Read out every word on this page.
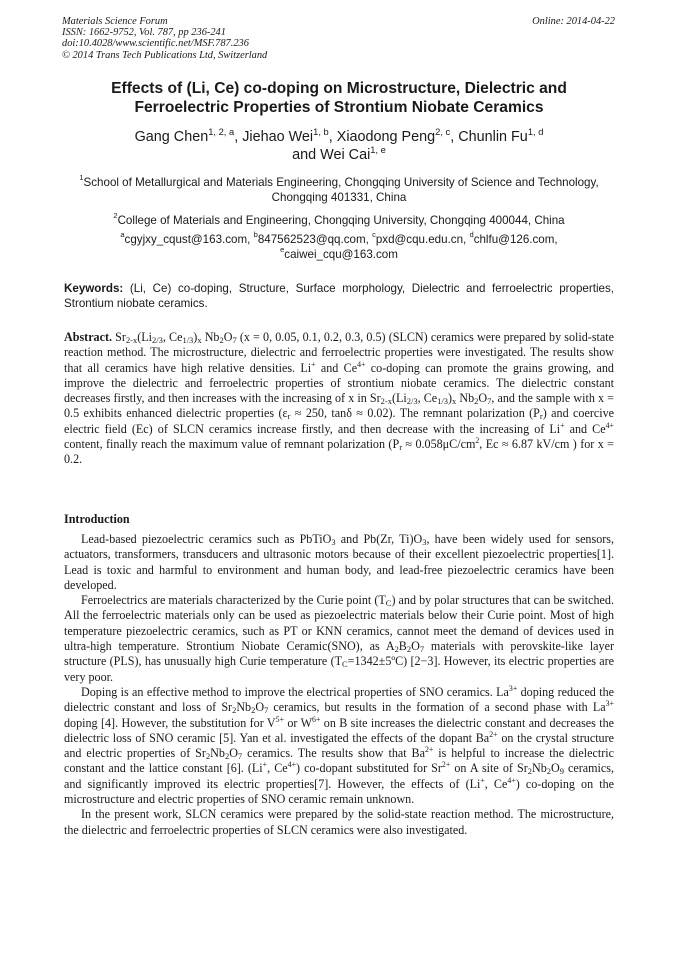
Materials Science Forum
ISSN: 1662-9752, Vol. 787, pp 236-241
doi:10.4028/www.scientific.net/MSF.787.236
© 2014 Trans Tech Publications Ltd, Switzerland
Online: 2014-04-22
Effects of (Li, Ce) co-doping on Microstructure, Dielectric and
Ferroelectric Properties of Strontium Niobate Ceramics
Gang Chen$^{1, 2, a}$, Jiehao Wei$^{1, b}$, Xiaodong Peng$^{2, c}$, Chunlin Fu$^{1, d}$
and Wei Cai$^{1, e}$
$^1$School of Metallurgical and Materials Engineering, Chongqing University of Science and Technology, Chongqing 401331, China
$^2$College of Materials and Engineering, Chongqing University, Chongqing 400044, China
$^a$cgyjxy_cqust@163.com, $^b$847562523@qq.com, $^c$pxd@cqu.edu.cn, $^d$chlfu@126.com,
$^e$caiwei_cqu@163.com
Keywords: (Li, Ce) co-doping, Structure, Surface morphology, Dielectric and ferroelectric properties, Strontium niobate ceramics.
Abstract. $Sr_{2-x}(Li_{2/3}$, $Ce_{1/3})_x$ $Nb_2O_7$ (x = 0, 0.05, 0.1, 0.2, 0.3, 0.5) (SLCN) ceramics were prepared by solid-state reaction method. The microstructure, dielectric and ferroelectric properties were investigated. The results show that all ceramics have high relative densities. Li+ and $Ce^{4+}$ co-doping can promote the grains growing, and improve the dielectric and ferroelectric properties of strontium niobate ceramics. The dielectric constant decreases firstly, and then increases with the increasing of x in $Sr_{2-x}(Li_{2/3}$, $Ce_{1/3})_x$ $Nb_2O_7$, and the sample with x = 0.5 exhibits enhanced dielectric properties ($\varepsilon_r \approx 250$, tanδ ≈ 0.02). The remnant polarization $(P_r)$ and coercive electric field (Ec) of SLCN ceramics increase firstly, and then decrease with the increasing of Li+ and $Ce^{4+}$ content, finally reach the maximum value of remnant polarization ($P_r \approx 0.058\mu C/cm^2$, Ec ≈ 6.87 kV/cm ) for x = 0.2.
Introduction

Lead-based piezoelectric ceramics such as PbTiO$_3$ and Pb(Zr, $Ti)O_3$, have been widely used for sensors, actuators, transformers, transducers and ultrasonic motors because of their excellent piezoelectric properties[1]. Lead is toxic and harmful to environment and human body, and lead-free piezoelectric ceramics have been developed.

Ferroelectrics are materials characterized by the Curie point $(T_C)$ and by polar structures that can be switched. All the ferroelectric materials only can be used as piezoelectric materials below their Curie point. Most of high temperature piezoelectric ceramics, such as PT or KNN ceramics, cannot meet the demand of devices used in ultra-high temperature. Strontium Niobate Ceramic(SNO), as $A_2B_2O_7$ materials with perovskite-like layer structure (PLS), has unusually high Curie temperature $(T_C=1342\pm 5ºC)$ [2−3]. However, its electric properties are very poor.

Doping is an effective method to improve the electrical properties of SNO ceramics. $La^{3+}$ doping reduced the dielectric constant and loss of $Sr_2Nb_2O_7$ ceramics, but results in the formation of a second phase with $La^{3+}$ doping [4]. However, the substitution for $V^{5+}$ or $W^{6+}$ on B site increases the dielectric constant and decreases the dielectric loss of SNO ceramic [5]. Yan et al. investigated the effects of the dopant $Ba^{2+}$ on the crystal structure and electric properties of $Sr_2Nb_2O_7$ ceramics. The results show that $Ba^{2+}$ is helpful to increase the dielectric constant and the lattice constant [6]. (Li+, $Ce^{4+}$) co-dopant substituted for $Sr^{2+}$ on A site of $Sr_2Nb_2O_9$ ceramics, and significantly improved its electric properties[7]. However, the effects of (Li+, $Ce^{4+}$) co-doping on the microstructure and electric properties of SNO ceramic remain unknown.

In the present work, SLCN ceramics were prepared by the solid-state reaction method. The microstructure, the dielectric and ferroelectric properties of SLCN ceramics were also investigated.
